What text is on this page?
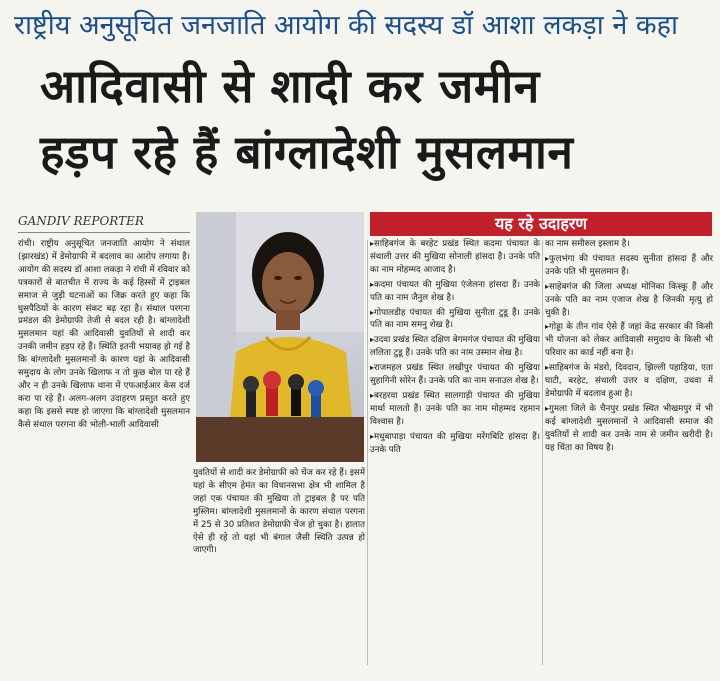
राष्ट्रीय अनुसूचित जनजाति आयोग की सदस्य डॉ आशा लकड़ा ने कहा
आदिवासी से शादी कर जमीन
हड़प रहे हैं बांग्लादेशी मुसलमान
GANDIV REPORTER

रांची। राष्ट्रीय अनुसूचित जनजाति आयोग ने संथाल (झारखंड) में डेमोग्राफी में बदलाव का आरोप लगाया है। आयोग की सदस्य डॉ आशा लकड़ा ने रांची में रविवार को पत्रकारों से बातचीत में राज्य के कई हिस्सों में ट्राइबल समाज से जुड़ी घटनाओं का जिक्र करते हुए कहा कि घुसपैठियों के कारण संकट बढ़ रहा है। संथाल परगना प्रमंडल की डेमोग्राफी तेजी से बदल रही है। बांग्लादेशी मुसलमान यहां की आदिवासी युवतियों से शादी कर उनकी जमीन हड़प रहे हैं। स्थिति इतनी भयावह हो गई है कि बांग्लादेशी मुसलमानों के कारण यहां के आदिवासी समुदाय के लोग उनके खिलाफ न तो कुछ बोल पा रहे हैं और न ही उनके खिलाफ थाना में एफआईआर केस दर्ज करा पा रहे हैं। अलग-अलग उदाहरण प्रस्तुत करते हुए कहा कि इससे स्पष्ट हो जाएगा कि बांग्लादेशी मुसलमान कैसे संथाल परगना की भोली-भाली आदिवासी

युवतियों से शादी कर डेमोग्राफी को चेंज कर रहे हैं। इसमें यहां के सीएम हेमंत का विधानसभा क्षेत्र भी शामिल है जहां एक पंचायत की मुखिया तो ट्राइबल है पर पति मुस्लिम। बांग्लादेशी मुसलमानों के कारण संथाल परगना में 25 से 30 प्रतिशत डेमोग्राफी चेंज हो चुका है। हालात ऐसे ही रहे तो यहां भी बंगाल जैसी स्थिति उत्पन्न हो जाएगी।

यह रहे उदाहरण

▸ साहिबगंज के बरहेट प्रखंड स्थित कदमा पंचायत के संथाली उत्तर की मुखिया सोनाली हांसदा है। उनके पति का नाम मोहम्मद आजाद है।

▸ कदमा पंचायत की मुखिया एंजेलना हांसदा हैं। उनके पति का नाम जैनुल शेख है।

▸ गोपालडीह पंचायत की मुखिया सुनीता टुडू हैं। उनके पति का नाम समनु शेख है।

▸ उदवा प्रखंड स्थित दक्षिण बेगमगंज पंचायत की मुखिया ललिता टुडू हैं। उनके पति का नाम उस्मान शेख है।

▸ राजमहल प्रखंड स्थित लखीपुर पंचायत की मुखिया सुहागिनी सोरेन हैं। उनके पति का नाम सनाउल शेख है।

▸ बरहरवा प्रखंड स्थित सालगाड़ी पंचायत की मुखिया मार्था मालतो हैं। उनके पति का नाम मोहम्मद रहमान विश्वास है।

▸ मधुबापाड़ा पंचायत की मुखिया मरेंगबिटि हांसदा हैं। उनके पति

का नाम समीरुल इस्लाम है।

▸ फुलभंगा की पंचायत सदस्य सुनीता हांसदा हैं और उनके पति भी मुसलमान हैं।

▸ साहेबगंज की जिला अध्यक्ष मोनिका किस्कू हैं और उनके पति का नाम एजाज शेख है जिनकी मृत्यु हो चुकी है।

▸ गोड्डा के तीन गांव ऐसे हैं जहां केंद्र सरकार की किसी भी योजना को लेकर आदिवासी समुदाय के किसी भी परिवार का कार्ड नहीं बना है।

▸ साहिबगंज के मंडरो, दिवदान, झिल्ली पहाड़िया, एता घाटी, बरहेट, संथाली उत्तर व दक्षिण, उधवा में डेमोग्राफी में बदलाव हुआ है।

▸ गुमला जिले के चैनपुर प्रखंड स्थित भीखमपुर में भी कई बांग्लादेशी मुसलमानों ने आदिवासी समाज की युवतियों से शादी कर उनके नाम से जमीन खरीदी है। यह चिंता का विषय है।
